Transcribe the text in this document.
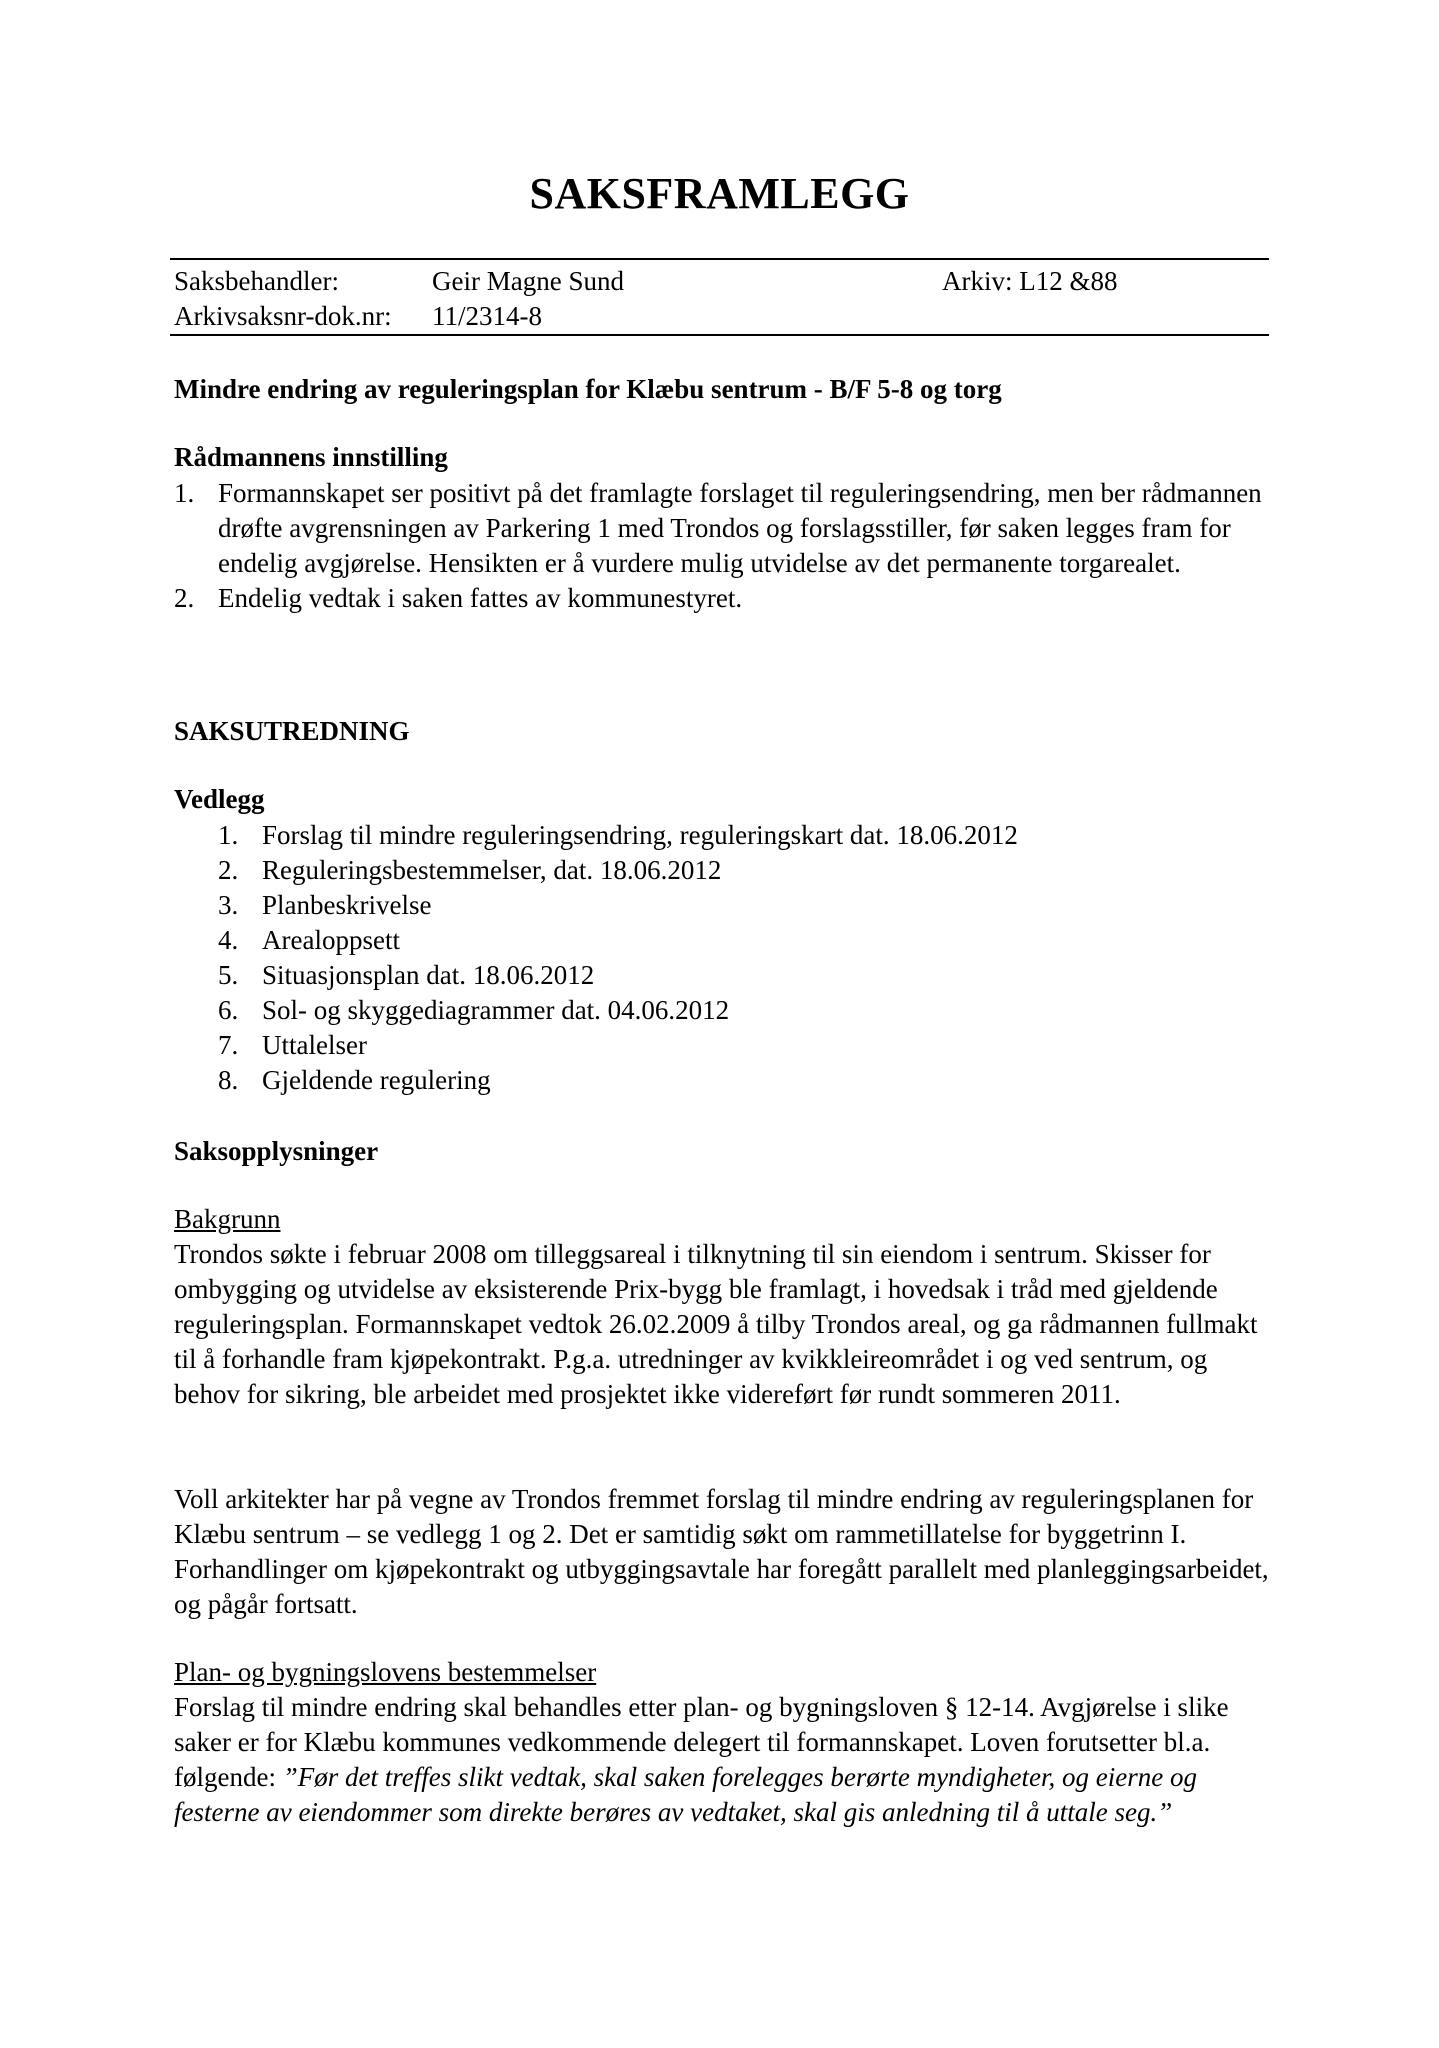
SAKSFRAMLEGG
Saksbehandler:	Geir Magne Sund	Arkiv: L12 &88
Arkivsaksnr-dok.nr: 11/2314-8
Mindre endring av reguleringsplan for Klæbu sentrum - B/F 5-8 og torg
Rådmannens innstilling
1. Formannskapet ser positivt på det framlagte forslaget til reguleringsendring, men ber rådmannen drøfte avgrensningen av Parkering 1 med Trondos og forslagsstiller, før saken legges fram for endelig avgjørelse. Hensikten er å vurdere mulig utvidelse av det permanente torgarealet.
2. Endelig vedtak i saken fattes av kommunestyret.
SAKSUTREDNING
Vedlegg
1. Forslag til mindre reguleringsendring, reguleringskart dat. 18.06.2012
2. Reguleringsbestemmelser, dat. 18.06.2012
3. Planbeskrivelse
4. Arealoppsett
5. Situasjonsplan dat. 18.06.2012
6. Sol- og skyggediagrammer dat. 04.06.2012
7. Uttalelser
8. Gjeldende regulering
Saksopplysninger
Bakgrunn
Trondos søkte i februar 2008 om tilleggsareal i tilknytning til sin eiendom i sentrum. Skisser for ombygging og utvidelse av eksisterende Prix-bygg ble framlagt, i hovedsak i tråd med gjeldende reguleringsplan. Formannskapet vedtok 26.02.2009 å tilby Trondos areal, og ga rådmannen fullmakt til å forhandle fram kjøpekontrakt. P.g.a. utredninger av kvikkleireområdet i og ved sentrum, og behov for sikring, ble arbeidet med prosjektet ikke videreført før rundt sommeren 2011.
Voll arkitekter har på vegne av Trondos fremmet forslag til mindre endring av reguleringsplanen for Klæbu sentrum – se vedlegg 1 og 2. Det er samtidig søkt om rammetillatelse for byggetrinn I. Forhandlinger om kjøpekontrakt og utbyggingsavtale har foregått parallelt med planleggingsarbeidet, og pågår fortsatt.
Plan- og bygningslovens bestemmelser
Forslag til mindre endring skal behandles etter plan- og bygningsloven § 12-14. Avgjørelse i slike saker er for Klæbu kommunes vedkommende delegert til formannskapet. Loven forutsetter bl.a. følgende: ”Før det treffes slikt vedtak, skal saken forelegges berørte myndigheter, og eierne og festerne av eiendommer som direkte berøres av vedtaket, skal gis anledning til å uttale seg.”
